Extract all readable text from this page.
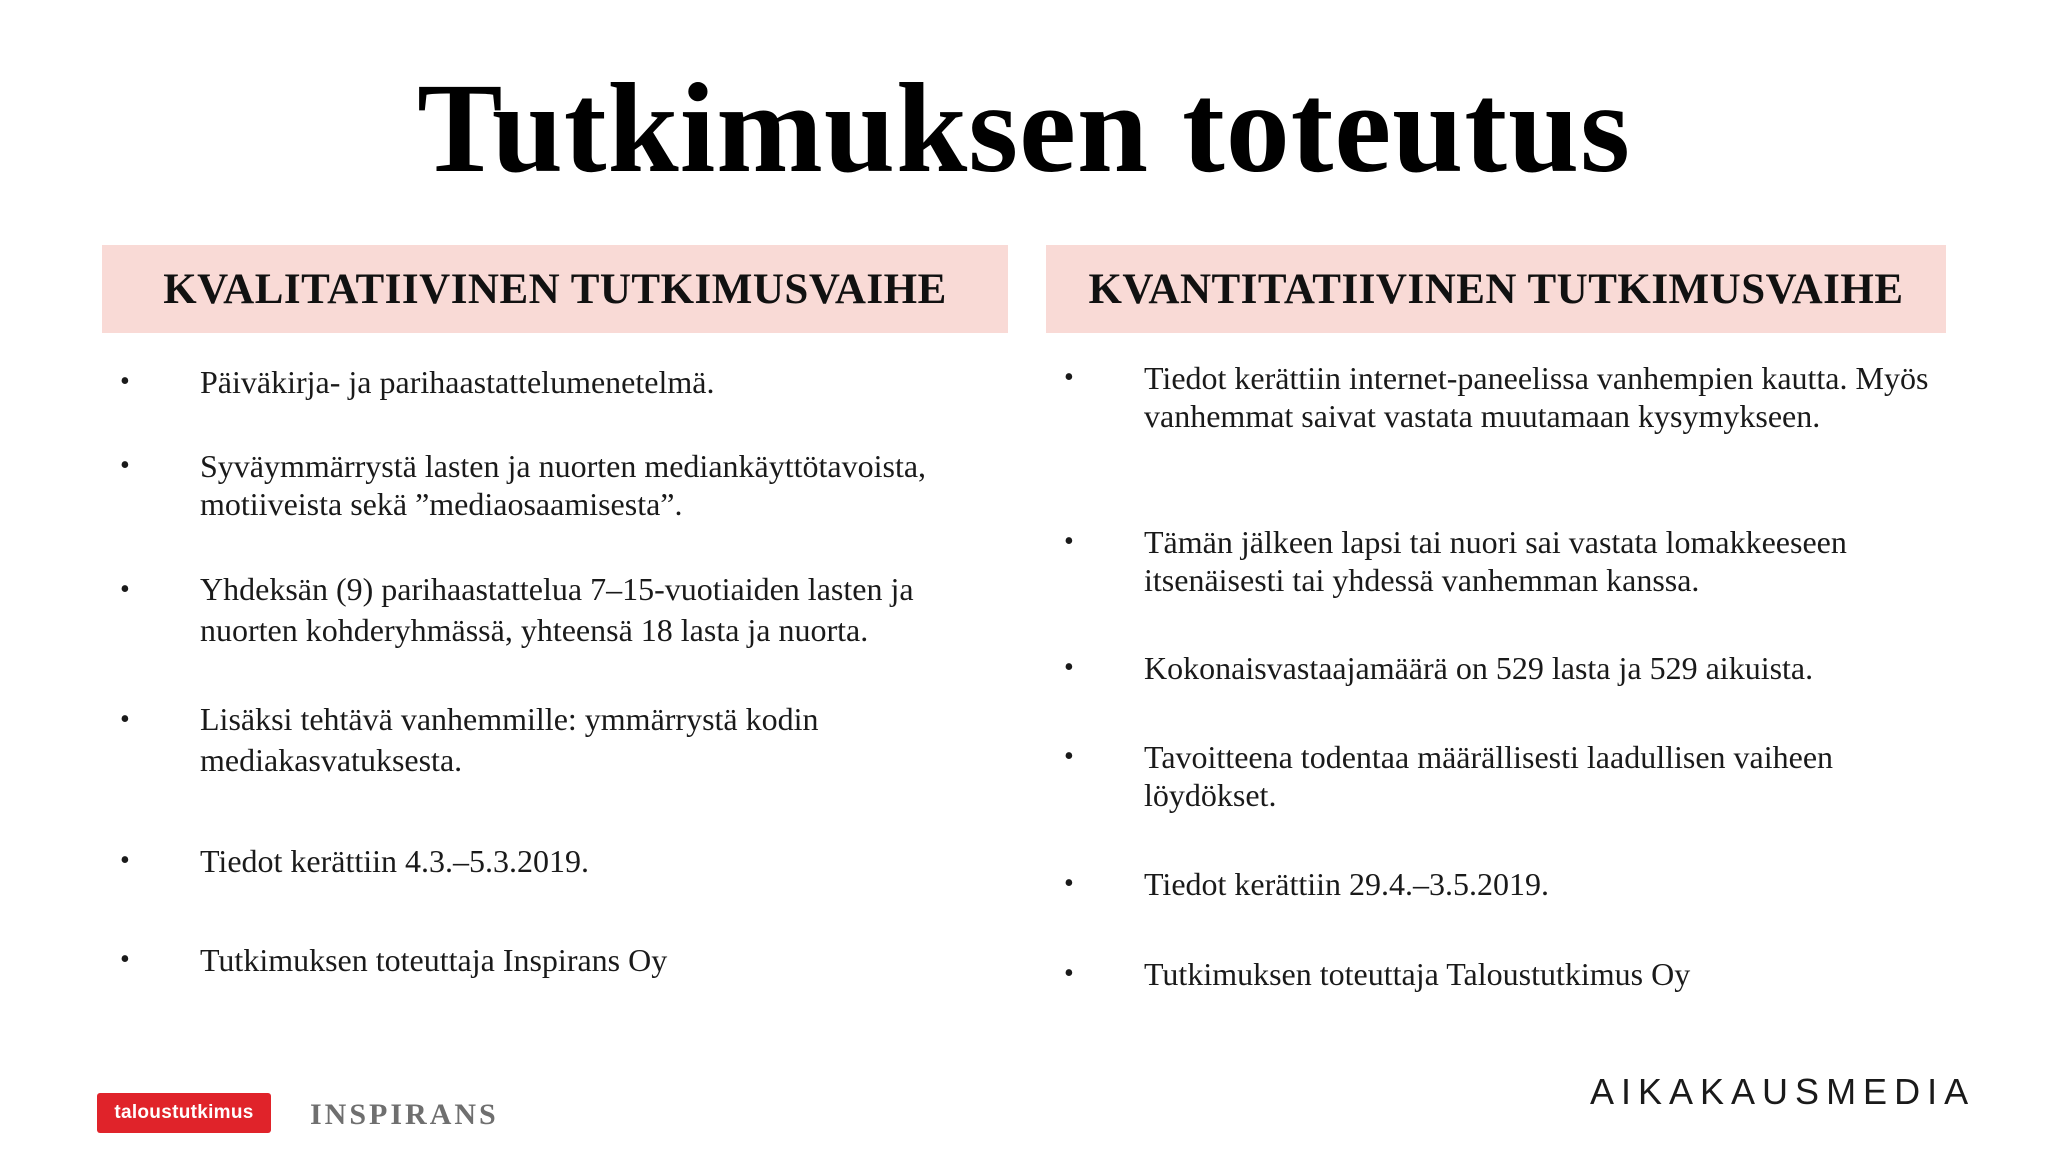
Tutkimuksen toteutus
KVALITATIIVINEN TUTKIMUSVAIHE
• Päiväkirja- ja parihaastattelumenetelmä.
• Syväymmärrystä lasten ja nuorten mediankäyttötavoista, motiiveista sekä ”mediaosaamisesta”.
• Yhdeksän (9) parihaastattelua 7–15-vuotiaiden lasten ja nuorten kohderyhmässä, yhteensä 18 lasta ja nuorta.
• Lisäksi tehtävä vanhemmille: ymmärrystä kodin mediakasvatuksesta.
• Tiedot kerättiin 4.3.–5.3.2019.
• Tutkimuksen toteuttaja Inspirans Oy
KVANTITATIIVINEN TUTKIMUSVAIHE
• Tiedot kerättiin internet-paneelissa vanhempien kautta. Myös vanhemmat saivat vastata muutamaan kysymykseen.
• Tämän jälkeen lapsi tai nuori sai vastata lomakkeeseen itsenäisesti tai yhdessä vanhemman kanssa.
• Kokonaisvastaajamäärä on 529 lasta ja 529 aikuista.
• Tavoitteena todentaa määrällisesti laadullisen vaiheen löydökset.
• Tiedot kerättiin 29.4.–3.5.2019.
• Tutkimuksen toteuttaja Taloustutkimus Oy
taloustutkimus	INSPIRANS
AIKAKAUSMEDIA
